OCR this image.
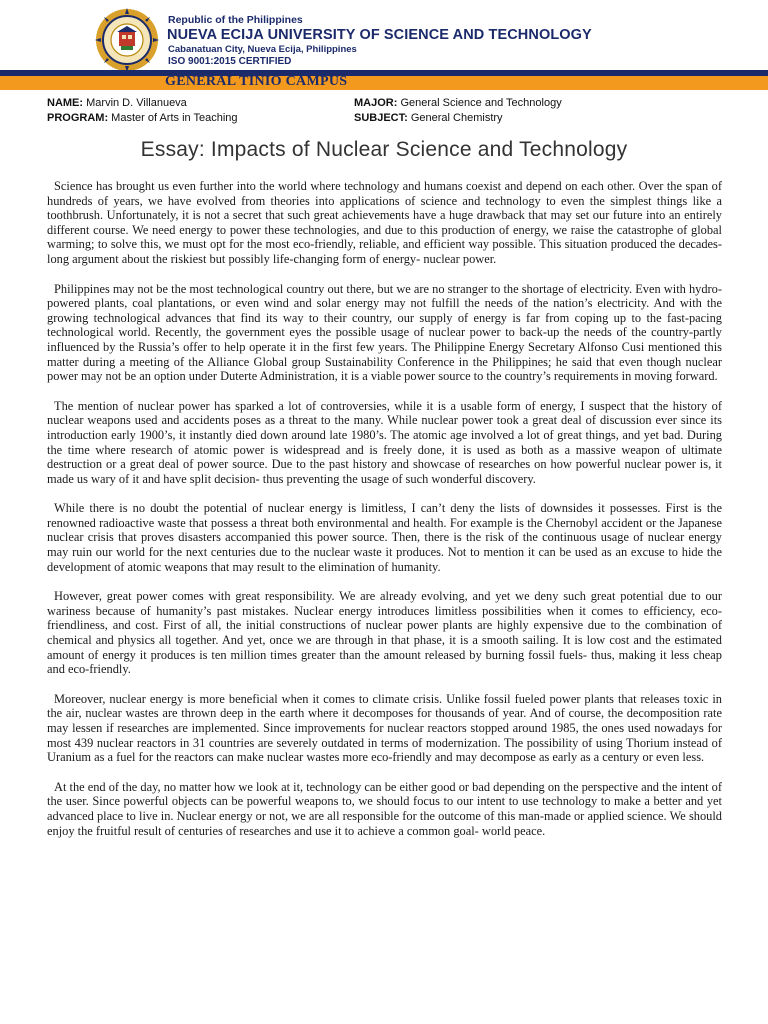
Republic of the Philippines
NUEVA ECIJA UNIVERSITY OF SCIENCE AND TECHNOLOGY
Cabanatuan City, Nueva Ecija, Philippines
ISO 9001:2015 CERTIFIED
GENERAL TINIO CAMPUS
NAME: Marvin D. Villanueva	MAJOR: General Science and Technology
PROGRAM: Master of Arts in Teaching	SUBJECT: General Chemistry
Essay: Impacts of Nuclear Science and Technology

Science has brought us even further into the world where technology and humans coexist and depend on each other. Over the span of hundreds of years, we have evolved from theories into applications of science and technology to even the simplest things like a toothbrush. Unfortunately, it is not a secret that such great achievements have a huge drawback that may set our future into an entirely different course. We need energy to power these technologies, and due to this production of energy, we raise the catastrophe of global warming; to solve this, we must opt for the most eco-friendly, reliable, and efficient way possible. This situation produced the decades-long argument about the riskiest but possibly life-changing form of energy- nuclear power.

Philippines may not be the most technological country out there, but we are no stranger to the shortage of electricity. Even with hydro-powered plants, coal plantations, or even wind and solar energy may not fulfill the needs of the nation’s electricity. And with the growing technological advances that find its way to their country, our supply of energy is far from coping up to the fast-pacing technological world. Recently, the government eyes the possible usage of nuclear power to back-up the needs of the country-partly influenced by the Russia’s offer to help operate it in the first few years. The Philippine Energy Secretary Alfonso Cusi mentioned this matter during a meeting of the Alliance Global group Sustainability Conference in the Philippines; he said that even though nuclear power may not be an option under Duterte Administration, it is a viable power source to the country’s requirements in moving forward.

The mention of nuclear power has sparked a lot of controversies, while it is a usable form of energy, I suspect that the history of nuclear weapons used and accidents poses as a threat to the many. While nuclear power took a great deal of discussion ever since its introduction early 1900’s, it instantly died down around late 1980’s. The atomic age involved a lot of great things, and yet bad. During the time where research of atomic power is widespread and is freely done, it is used as both as a massive weapon of ultimate destruction or a great deal of power source. Due to the past history and showcase of researches on how powerful nuclear power is, it made us wary of it and have split decision- thus preventing the usage of such wonderful discovery.

While there is no doubt the potential of nuclear energy is limitless, I can’t deny the lists of downsides it possesses. First is the renowned radioactive waste that possess a threat both environmental and health. For example is the Chernobyl accident or the Japanese nuclear crisis that proves disasters accompanied this power source. Then, there is the risk of the continuous usage of nuclear energy may ruin our world for the next centuries due to the nuclear waste it produces. Not to mention it can be used as an excuse to hide the development of atomic weapons that may result to the elimination of humanity.

However, great power comes with great responsibility. We are already evolving, and yet we deny such great potential due to our wariness because of humanity’s past mistakes. Nuclear energy introduces limitless possibilities when it comes to efficiency, eco-friendliness, and cost. First of all, the initial constructions of nuclear power plants are highly expensive due to the combination of chemical and physics all together. And yet, once we are through in that phase, it is a smooth sailing. It is low cost and the estimated amount of energy it produces is ten million times greater than the amount released by burning fossil fuels- thus, making it less cheap and eco-friendly.

Moreover, nuclear energy is more beneficial when it comes to climate crisis. Unlike fossil fueled power plants that releases toxic in the air, nuclear wastes are thrown deep in the earth where it decomposes for thousands of year. And of course, the decomposition rate may lessen if researches are implemented. Since improvements for nuclear reactors stopped around 1985, the ones used nowadays for most 439 nuclear reactors in 31 countries are severely outdated in terms of modernization. The possibility of using Thorium instead of Uranium as a fuel for the reactors can make nuclear wastes more eco-friendly and may decompose as early as a century or even less.

At the end of the day, no matter how we look at it, technology can be either good or bad depending on the perspective and the intent of the user. Since powerful objects can be powerful weapons to, we should focus to our intent to use technology to make a better and yet advanced place to live in. Nuclear energy or not, we are all responsible for the outcome of this man-made or applied science. We should enjoy the fruitful result of centuries of researches and use it to achieve a common goal- world peace.
